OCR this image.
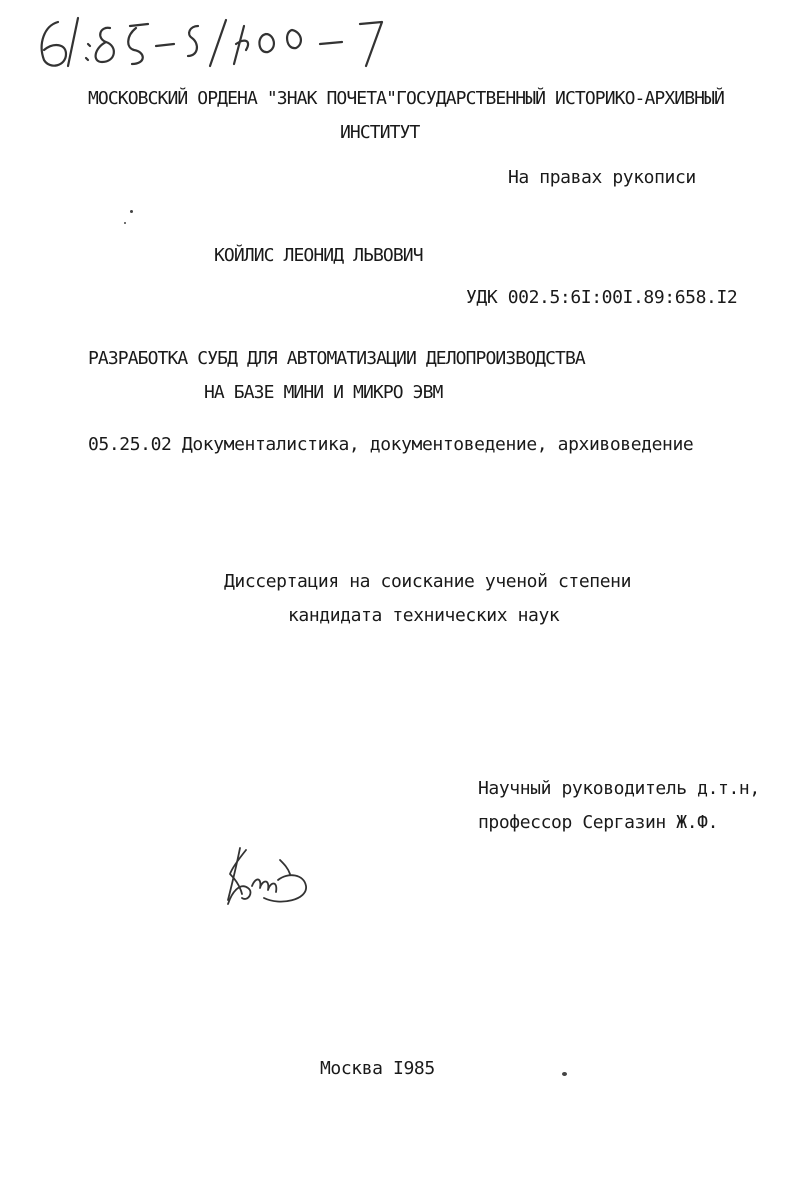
МОСКОВСКИЙ ОРДЕНА "ЗНАК ПОЧЕТА"ГОСУДАРСТВЕННЫЙ ИСТОРИКО-АРХИВНЫЙ
ИНСТИТУТ
На правах рукописи
КОЙЛИС ЛЕОНИД ЛЬВОВИЧ
УДК 002.5:6I:00I.89:658.I2
РАЗРАБОТКА СУБД ДЛЯ АВТОМАТИЗАЦИИ ДЕЛОПРОИЗВОДСТВА
НА БАЗЕ МИНИ И МИКРО ЭВМ
05.25.02 Документалистика, документоведение, архивоведение
Диссертация на соискание ученой степени
кандидата технических наук
Научный руководитель д.т.н,
профессор Сергазин Ж.Ф.
Москва I985
